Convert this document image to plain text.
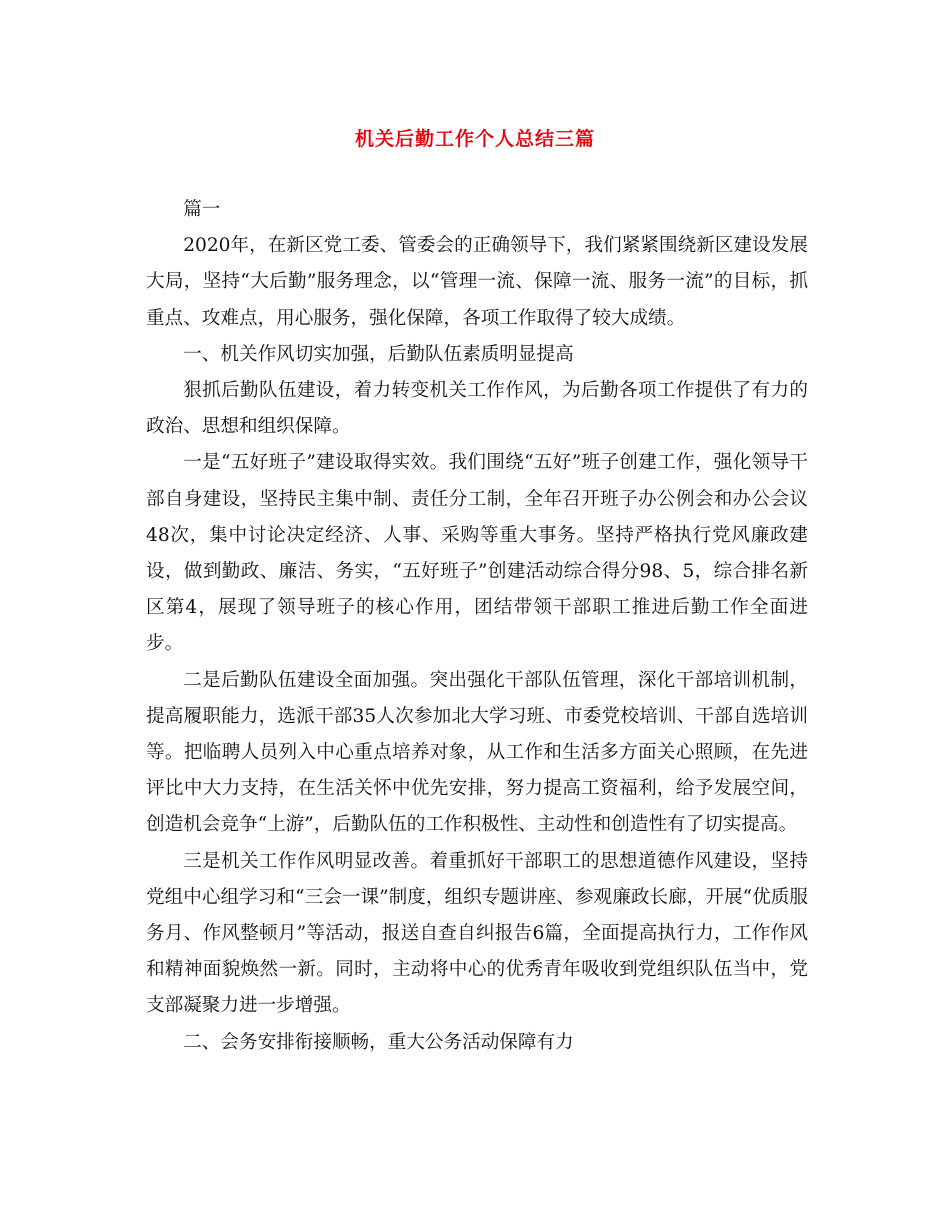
机关后勤工作个人总结三篇

篇一

2020年，在新区党工委、管委会的正确领导下，我们紧紧围绕新区建设发展大局，坚持“大后勤”服务理念，以“管理一流、保障一流、服务一流”的目标，抓重点、攻难点，用心服务，强化保障，各项工作取得了较大成绩。

一、机关作风切实加强，后勤队伍素质明显提高

狠抓后勤队伍建设，着力转变机关工作作风，为后勤各项工作提供了有力的政治、思想和组织保障。

一是“五好班子”建设取得实效。我们围绕“五好”班子创建工作，强化领导干部自身建设，坚持民主集中制、责任分工制，全年召开班子办公例会和办公会议48次，集中讨论决定经济、人事、采购等重大事务。坚持严格执行党风廉政建设，做到勤政、廉洁、务实，“五好班子”创建活动综合得分98、5，综合排名新区第4，展现了领导班子的核心作用，团结带领干部职工推进后勤工作全面进步。

二是后勤队伍建设全面加强。突出强化干部队伍管理，深化干部培训机制，提高履职能力，选派干部35人次参加北大学习班、市委党校培训、干部自选培训等。把临聘人员列入中心重点培养对象，从工作和生活多方面关心照顾，在先进评比中大力支持，在生活关怀中优先安排，努力提高工资福利，给予发展空间，创造机会竞争“上游”，后勤队伍的工作积极性、主动性和创造性有了切实提高。

三是机关工作作风明显改善。着重抓好干部职工的思想道德作风建设，坚持党组中心组学习和“三会一课”制度，组织专题讲座、参观廉政长廊，开展“优质服务月、作风整顿月”等活动，报送自查自纠报告6篇，全面提高执行力，工作作风和精神面貌焕然一新。同时，主动将中心的优秀青年吸收到党组织队伍当中，党支部凝聚力进一步增强。

二、会务安排衔接顺畅，重大公务活动保障有力
